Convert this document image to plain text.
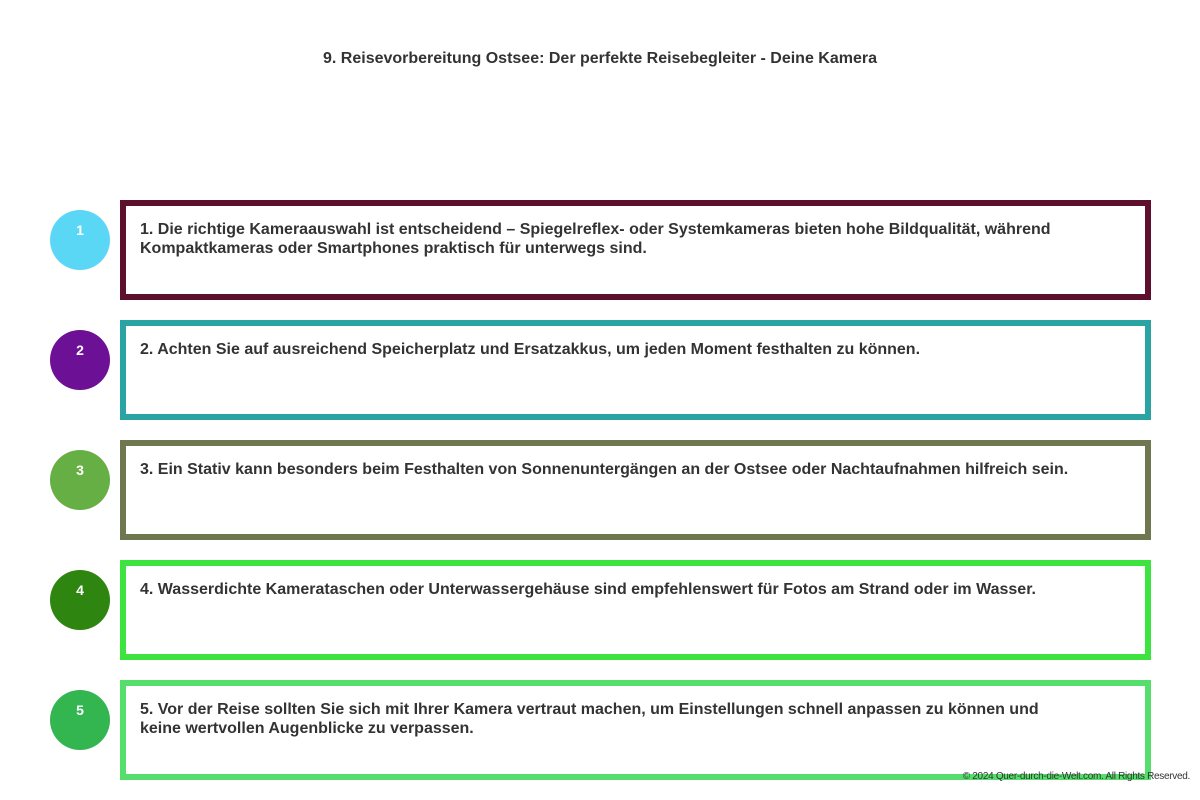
9. Reisevorbereitung Ostsee: Der perfekte Reisebegleiter - Deine Kamera
1	1. Die richtige Kameraauswahl ist entscheidend – Spiegelreflex- oder Systemkameras bieten hohe Bildqualität, während Kompaktkameras oder Smartphones praktisch für unterwegs sind.
2	2. Achten Sie auf ausreichend Speicherplatz und Ersatzakkus, um jeden Moment festhalten zu können.
3	3. Ein Stativ kann besonders beim Festhalten von Sonnenuntergängen an der Ostsee oder Nachtaufnahmen hilfreich sein.
4	4. Wasserdichte Kamerataschen oder Unterwassergehäuse sind empfehlenswert für Fotos am Strand oder im Wasser.
5	5. Vor der Reise sollten Sie sich mit Ihrer Kamera vertraut machen, um Einstellungen schnell anpassen zu können und keine wertvollen Augenblicke zu verpassen.
© 2024 Quer-durch-die-Welt.com. All Rights Reserved.
